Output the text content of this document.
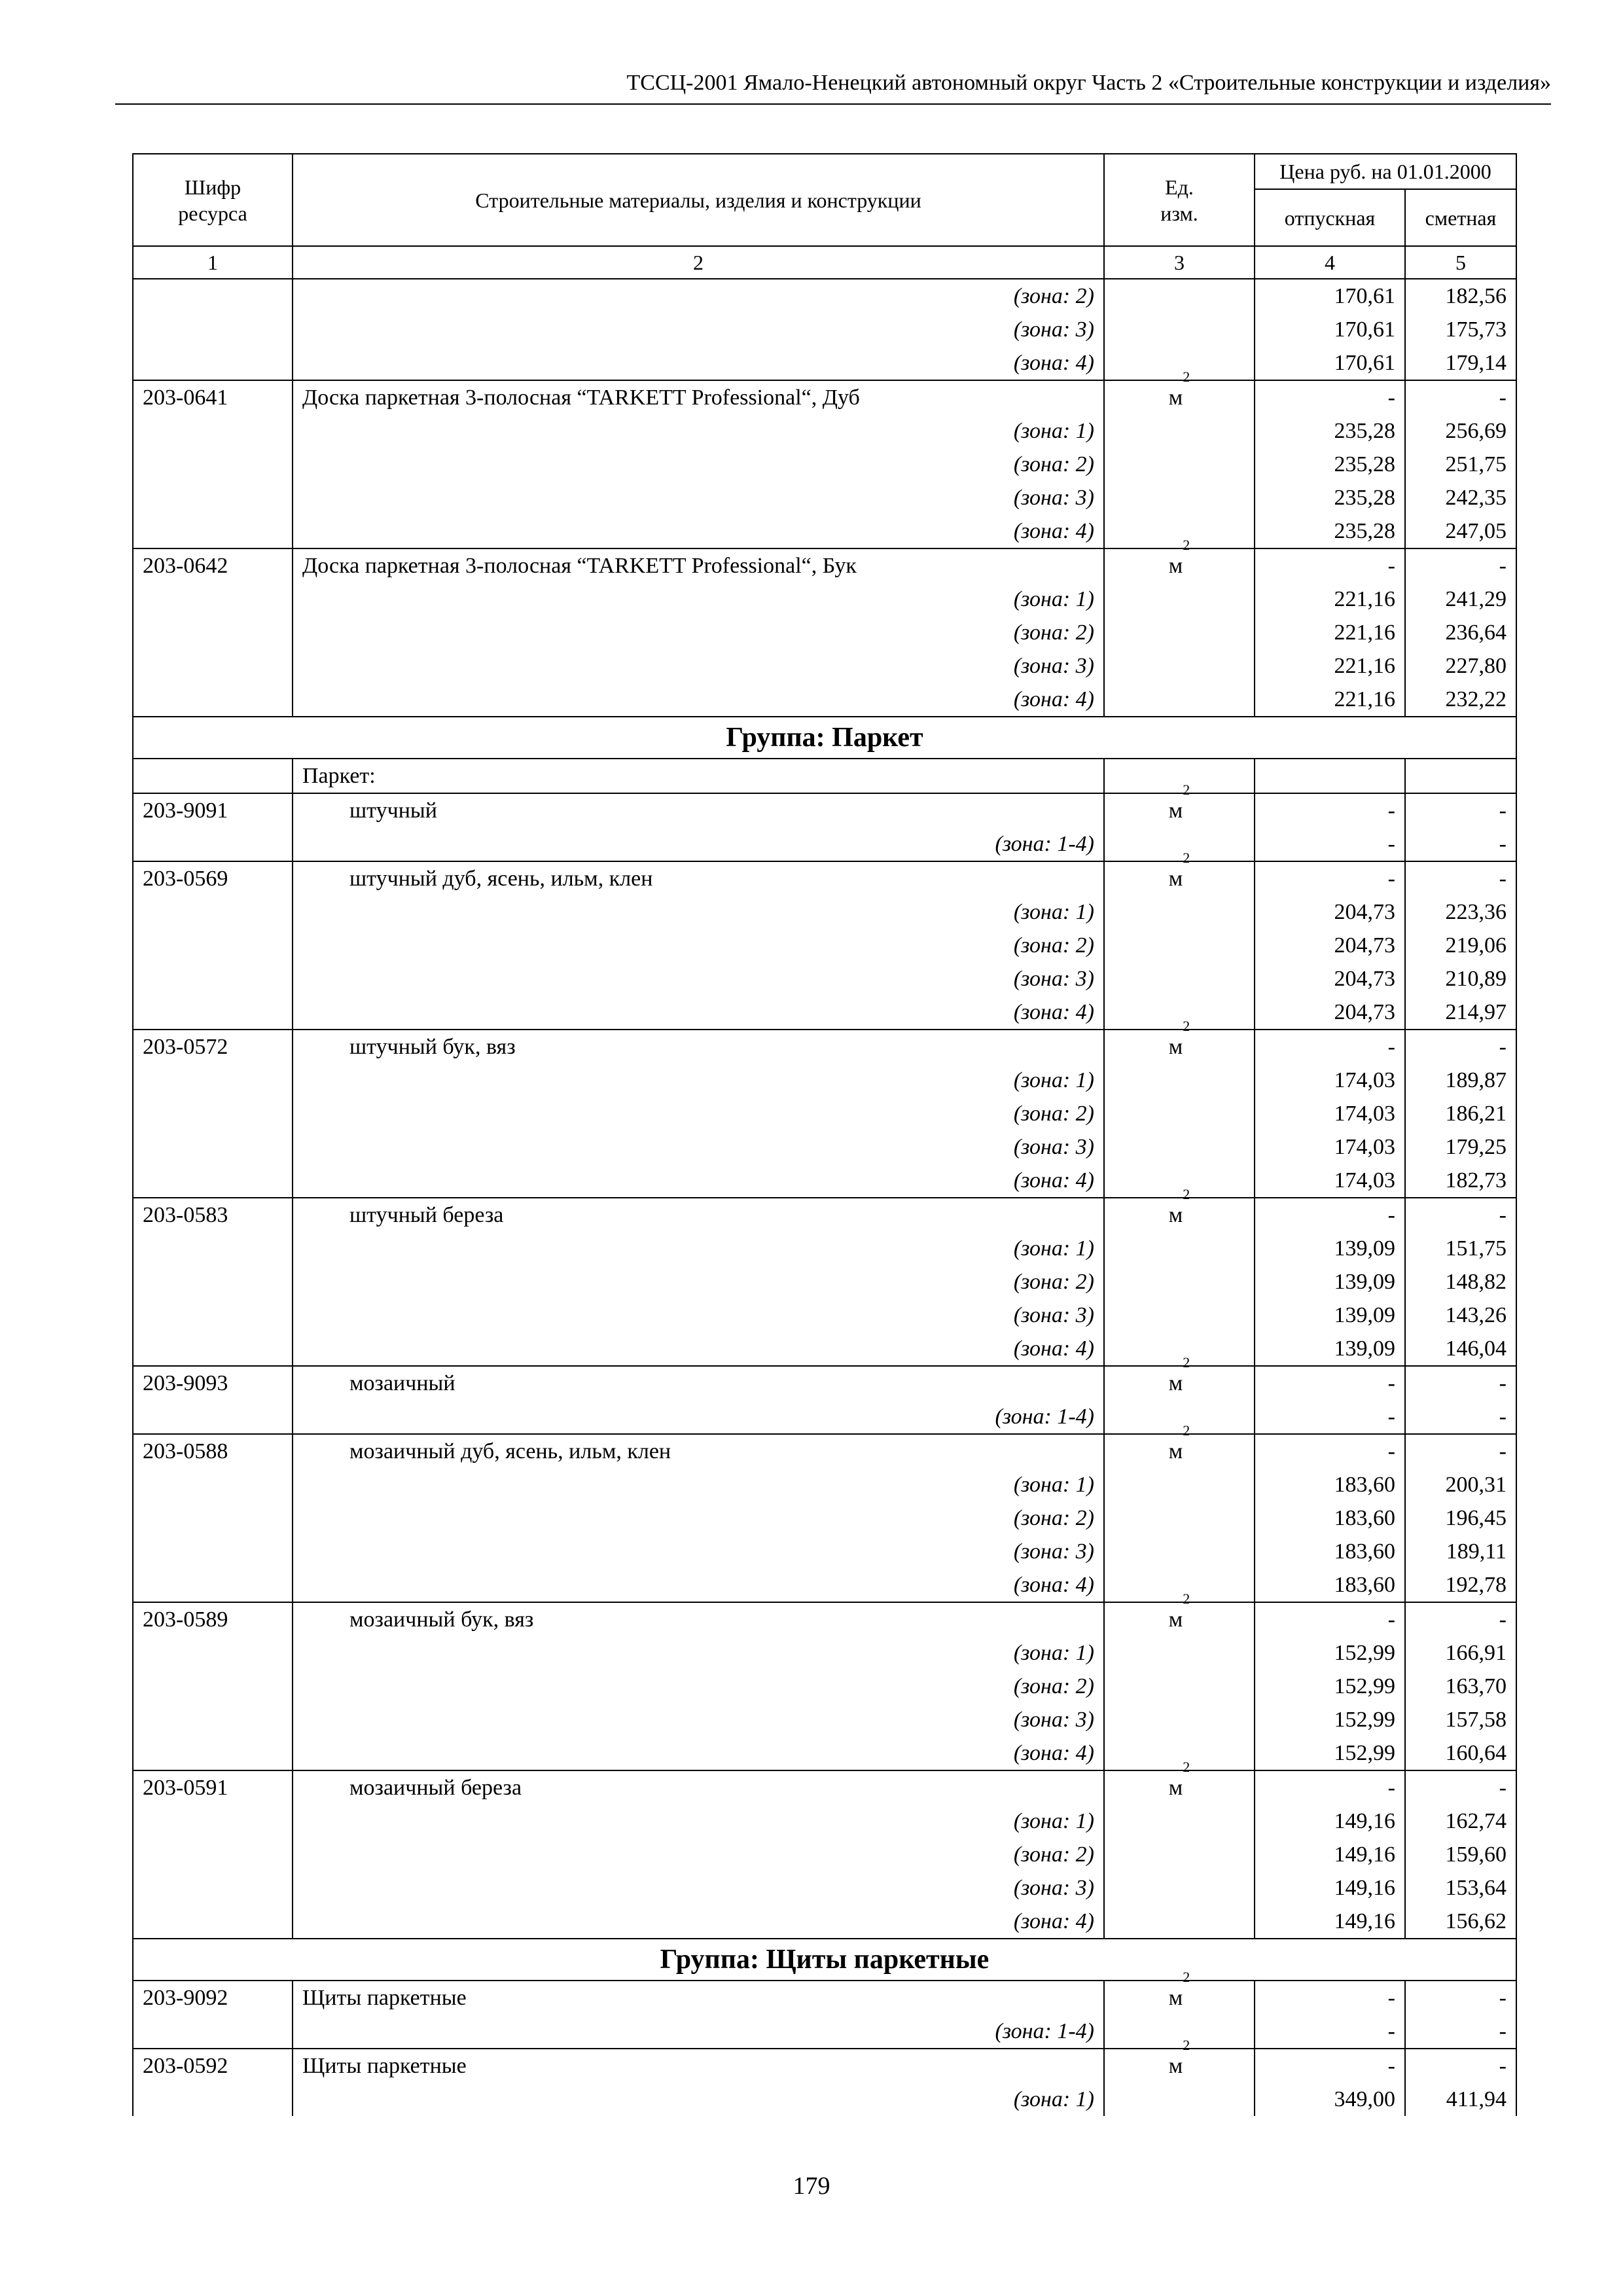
ТССЦ-2001 Ямало-Ненецкий автономный округ Часть 2 «Строительные конструкции и изделия»
Шифр ресурса	Строительные материалы, изделия и конструкции	Ед. изм.	Цена руб. на 01.01.2000	
			отпускная	сметная
1	2	3	4	5
	(зона: 2)		170,61	182,56
	(зона: 3)		170,61	175,73
	(зона: 4)		170,61	179,14
203-0641	Доска паркетная 3-полосная “TARKETT Professional“, Дуб	$м^2$	-	-
	(зона: 1)		235,28	256,69
	(зона: 2)		235,28	251,75
	(зона: 3)		235,28	242,35
	(зона: 4)		235,28	247,05
203-0642	Доска паркетная 3-полосная “TARKETT Professional“, Бук	$м^2$	-	-
	(зона: 1)		221,16	241,29
	(зона: 2)		221,16	236,64
	(зона: 3)		221,16	227,80
	(зона: 4)		221,16	232,22
Группа: Паркет				
	Паркет:			
203-9091	штучный	$м^2$	-	-
	(зона: 1-4)		-	-
203-0569	штучный дуб, ясень, ильм, клен	$м^2$	-	-
	(зона: 1)		204,73	223,36
	(зона: 2)		204,73	219,06
	(зона: 3)		204,73	210,89
	(зона: 4)		204,73	214,97
203-0572	штучный бук, вяз	$м^2$	-	-
	(зона: 1)		174,03	189,87
	(зона: 2)		174,03	186,21
	(зона: 3)		174,03	179,25
	(зона: 4)		174,03	182,73
203-0583	штучный береза	$м^2$	-	-
	(зона: 1)		139,09	151,75
	(зона: 2)		139,09	148,82
	(зона: 3)		139,09	143,26
	(зона: 4)		139,09	146,04
203-9093	мозаичный	$м^2$	-	-
	(зона: 1-4)		-	-
203-0588	мозаичный дуб, ясень, ильм, клен	$м^2$	-	-
	(зона: 1)		183,60	200,31
	(зона: 2)		183,60	196,45
	(зона: 3)		183,60	189,11
	(зона: 4)		183,60	192,78
203-0589	мозаичный бук, вяз	$м^2$	-	-
	(зона: 1)		152,99	166,91
	(зона: 2)		152,99	163,70
	(зона: 3)		152,99	157,58
	(зона: 4)		152,99	160,64
203-0591	мозаичный береза	$м^2$	-	-
	(зона: 1)		149,16	162,74
	(зона: 2)		149,16	159,60
	(зона: 3)		149,16	153,64
	(зона: 4)		149,16	156,62
Группа: Щиты паркетные				
203-9092	Щиты паркетные	$м^2$	-	-
	(зона: 1-4)		-	-
203-0592	Щиты паркетные	$м^2$	-	-
	(зона: 1)		349,00	411,94
179
